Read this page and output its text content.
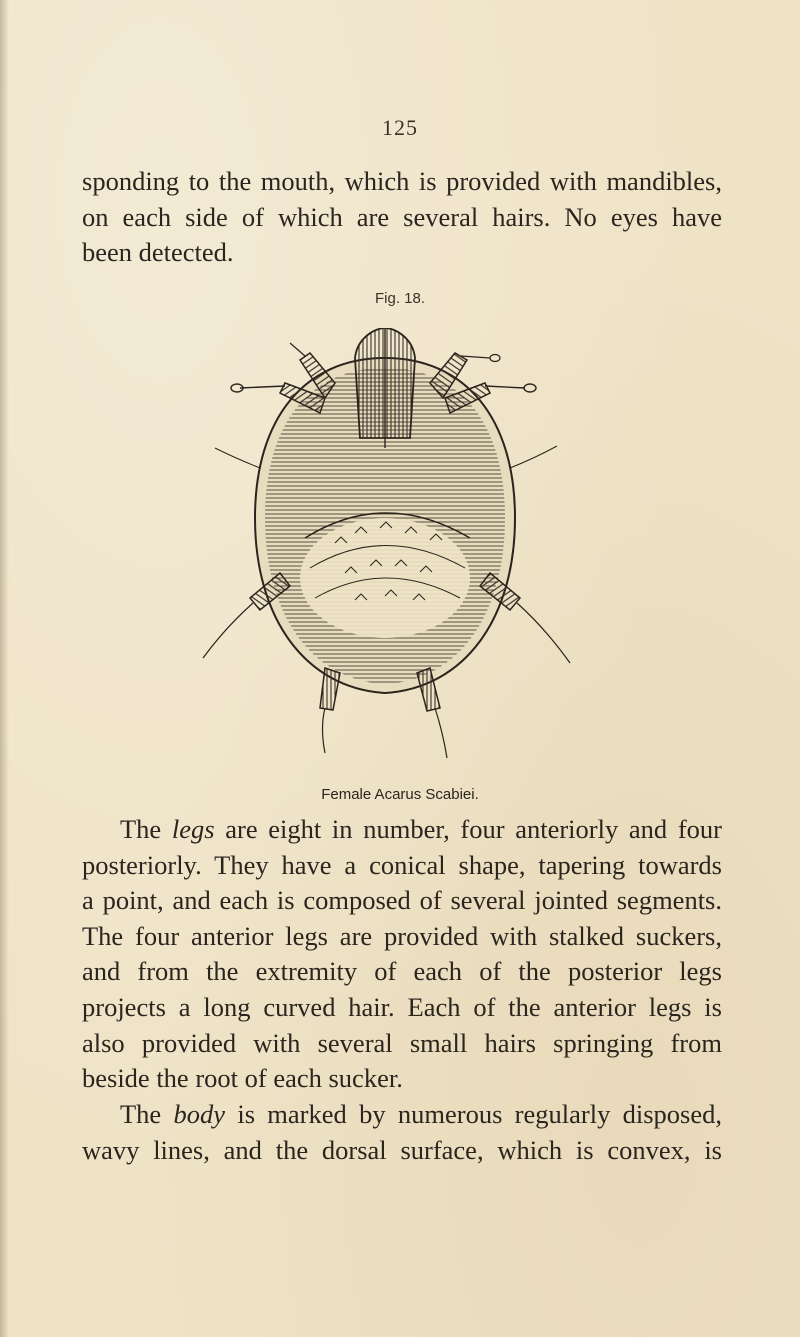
125
sponding to the mouth, which is provided with mandibles,
on each side of which are several hairs. No eyes have
been detected.
Fig. 18.
Female Acarus Scabiei.
The legs are eight in number, four anteriorly and four
posteriorly. They have a conical shape, tapering towards
a point, and each is composed of several jointed segments.
The four anterior legs are provided with stalked suckers,
and from the extremity of each of the posterior legs
projects a long curved hair. Each of the anterior legs is
also provided with several small hairs springing from
beside the root of each sucker.
The body is marked by numerous regularly disposed,
wavy lines, and the dorsal surface, which is convex, is
